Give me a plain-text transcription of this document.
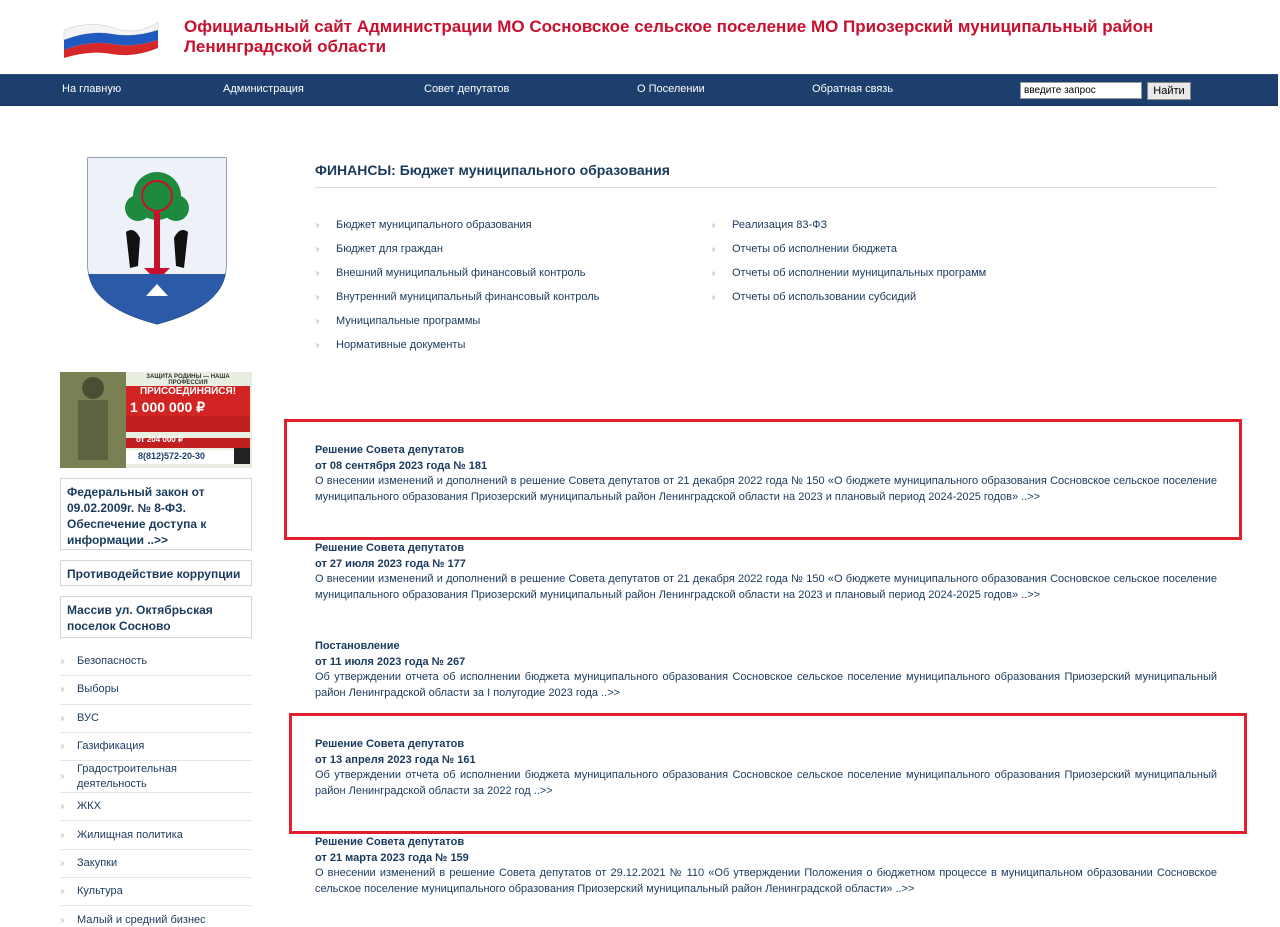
Официальный сайт Администрации МО Сосновское сельское поселение МО Приозерский муниципальный район Ленинградской области
На главную	Администрация	Совет депутатов	О Поселении	Обратная связь
введите запрос	Найти
ЗАЩИТА РОДИНЫ — НАША ПРОФЕССИЯ
ПРИСОЕДИНЯЙСЯ!
1 000 000 ₽
от 204 000 ₽
8(812)572-20-30
Федеральный закон от 09.02.2009г. № 8-ФЗ. Обеспечение доступа к информации ..>>
Противодействие коррупции
Массив ул. Октябрьская поселок Сосново
››	Безопасность
››	Выборы
››	ВУС
››	Газификация
››
Градостроительная деятельность
››	ЖКХ
››	Жилищная политика
››	Закупки
››	Культура
››	Малый и средний бизнес
ФИНАНСЫ: Бюджет муниципального образования
››	Бюджет муниципального образования
››	Бюджет для граждан
››	Внешний муниципальный финансовый контроль
››	Внутренний муниципальный финансовый контроль
››	Муниципальные программы
››	Нормативные документы
››	Реализация 83-ФЗ
››	Отчеты об исполнении бюджета
››	Отчеты об исполнении муниципальных программ
››	Отчеты об использовании субсидий
Решение Совета депутатов
от 08 сентября 2023 года № 181
О внесении изменений и дополнений в решение Совета депутатов от 21 декабря 2022 года № 150 «О бюджете муниципального образования Сосновское сельское поселение муниципального образования Приозерский муниципальный район Ленинградской области на 2023 и плановый период 2024-2025 годов» ..>>
Решение Совета депутатов
от 27 июля 2023 года № 177
О внесении изменений и дополнений в решение Совета депутатов от 21 декабря 2022 года № 150 «О бюджете муниципального образования Сосновское сельское поселение муниципального образования Приозерский муниципальный район Ленинградской области на 2023 и плановый период 2024-2025 годов» ..>>
Постановление
от 11 июля 2023 года № 267
Об утверждении отчета об исполнении бюджета муниципального образования Сосновское сельское поселение муниципального образования Приозерский муниципальный район Ленинградской области за I полугодие 2023 года ..>>
Решение Совета депутатов
от 13 апреля 2023 года № 161
Об утверждении отчета об исполнении бюджета муниципального образования Сосновское сельское поселение муниципального образования Приозерский муниципальный район Ленинградской области за 2022 год ..>>
Решение Совета депутатов
от 21 марта 2023 года № 159
О внесении изменений в решение Совета депутатов от 29.12.2021 № 110 «Об утверждении Положения о бюджетном процессе в муниципальном образовании Сосновское сельское поселение муниципального образования Приозерский муниципальный район Ленинградской области» ..>>
